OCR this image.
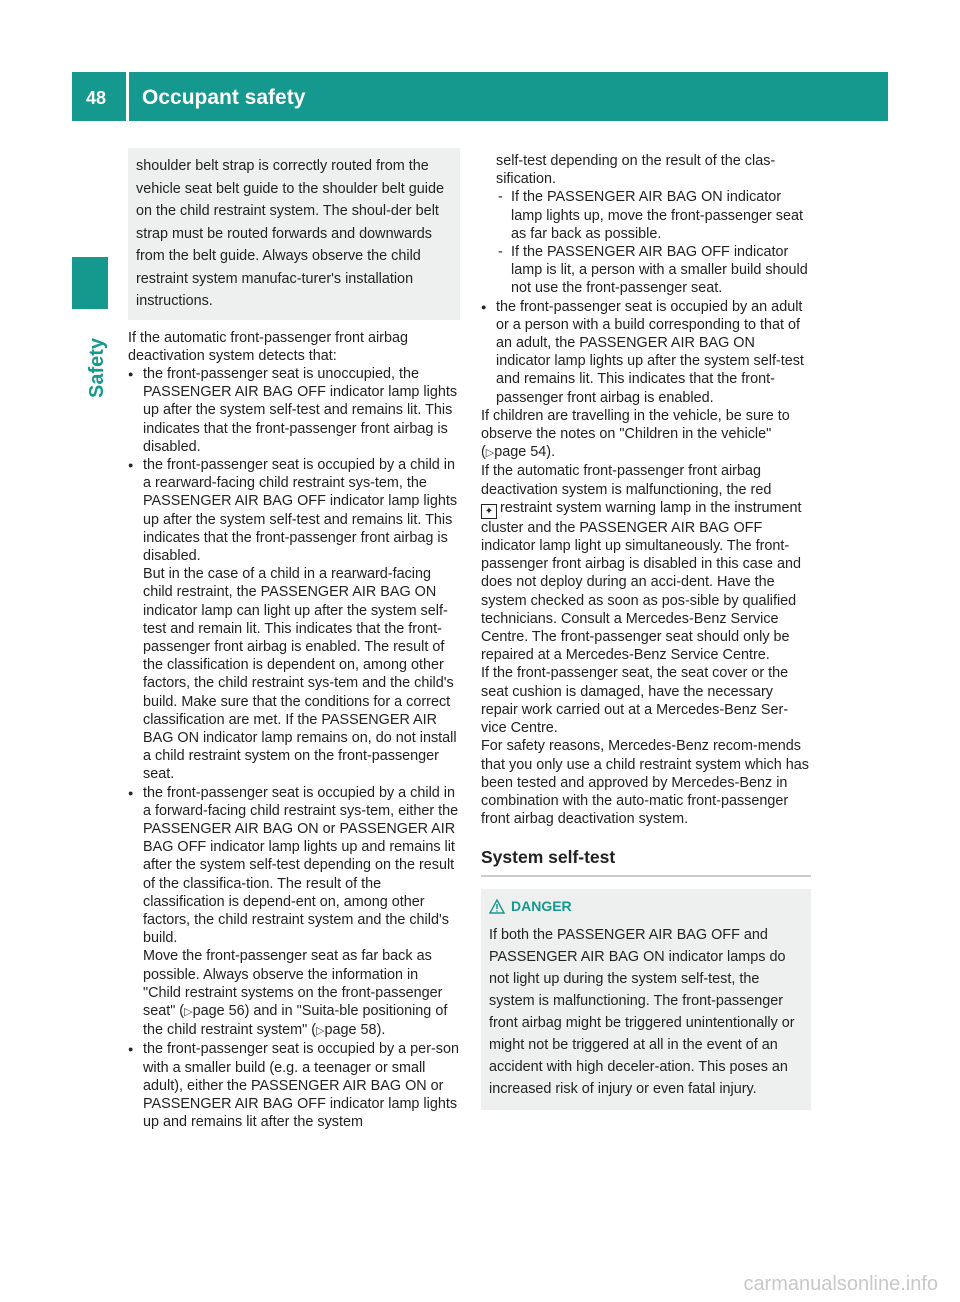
48 Occupant safety
Safety

shoulder belt strap is correctly routed from the vehicle seat belt guide to the shoulder belt guide on the child restraint system. The shoul-der belt strap must be routed forwards and downwards from the belt guide. Always observe the child restraint system manufac-turer's installation instructions.

If the automatic front-passenger front airbag deactivation system detects that:

● the front-passenger seat is unoccupied, the PASSENGER AIR BAG OFF indicator lamp lights up after the system self-test and remains lit. This indicates that the front-passenger front airbag is disabled.
● the front-passenger seat is occupied by a child in a rearward-facing child restraint sys-tem, the PASSENGER AIR BAG OFF indicator lamp lights up after the system self-test and remains lit. This indicates that the front-passenger front airbag is disabled.

But in the case of a child in a rearward-facing child restraint, the PASSENGER AIR BAG ON indicator lamp can light up after the system self-test and remain lit. This indicates that the front-passenger front airbag is enabled. The result of the classification is dependent on, among other factors, the child restraint sys-tem and the child's build. Make sure that the conditions for a correct classification are met. If the PASSENGER AIR BAG ON indicator lamp remains on, do not install a child restraint system on the front-passenger seat.

● the front-passenger seat is occupied by a child in a forward-facing child restraint sys-tem, either the PASSENGER AIR BAG ON or PASSENGER AIR BAG OFF indicator lamp lights up and remains lit after the system self-test depending on the result of the classifica-tion. The result of the classification is depend-ent on, among other factors, the child restraint system and the child's build.

Move the front-passenger seat as far back as possible. Always observe the information in "Child restraint systems on the front-passenger seat" (▷page 56) and in "Suita-ble positioning of the child restraint system" (▷page 58).

● the front-passenger seat is occupied by a per-son with a smaller build (e.g. a teenager or small adult), either the PASSENGER AIR BAG ON or PASSENGER AIR BAG OFF indicator lamp lights up and remains lit after the system

self-test depending on the result of the clas-sification.

- If the PASSENGER AIR BAG ON indicator lamp lights up, move the front-passenger seat as far back as possible.
- If the PASSENGER AIR BAG OFF indicator lamp is lit, a person with a smaller build should not use the front-passenger seat.
● the front-passenger seat is occupied by an adult or a person with a build corresponding to that of an adult, the PASSENGER AIR BAG ON indicator lamp lights up after the system self-test and remains lit. This indicates that the front-passenger front airbag is enabled.

If children are travelling in the vehicle, be sure to observe the notes on "Children in the vehicle" (▷page 54).

If the automatic front-passenger front airbag deactivation system is malfunctioning, the red
✦ restraint system warning lamp in the instrument cluster and the PASSENGER AIR BAG OFF indicator lamp light up simultaneously. The front-passenger front airbag is disabled in this case and does not deploy during an acci-dent. Have the system checked as soon as pos-sible by qualified technicians. Consult a Mercedes-Benz Service Centre. The front-passenger seat should only be repaired at a Mercedes-Benz Service Centre.

If the front-passenger seat, the seat cover or the seat cushion is damaged, have the necessary repair work carried out at a Mercedes-Benz Ser-vice Centre.

For safety reasons, Mercedes-Benz recom-mends that you only use a child restraint system which has been tested and approved by Mercedes-Benz in combination with the auto-matic front-passenger front airbag deactivation system.

System self-test
DANGER

If both the PASSENGER AIR BAG OFF and PASSENGER AIR BAG ON indicator lamps do not light up during the system self-test, the system is malfunctioning. The front-passenger front airbag might be triggered unintentionally or might not be triggered at all in the event of an accident with high deceler-ation. This poses an increased risk of injury or even fatal injury.

carmanualsonline.info
